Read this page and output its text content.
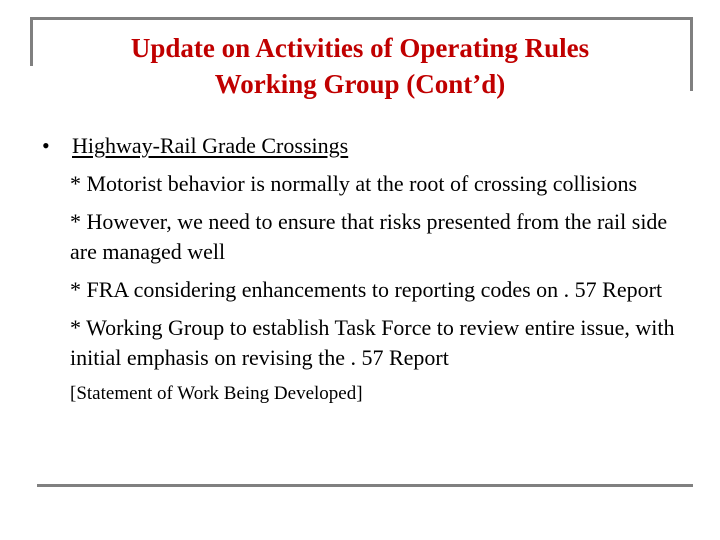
Update on Activities of Operating Rules
Working Group (Cont’d)
• Highway-Rail Grade Crossings

* Motorist behavior is normally at the root of crossing collisions

* However, we need to ensure that risks presented from the rail side are managed well

* FRA considering enhancements to reporting codes on . 57 Report

* Working Group to establish Task Force to review entire issue, with initial emphasis on revising the . 57 Report

[Statement of Work Being Developed]
